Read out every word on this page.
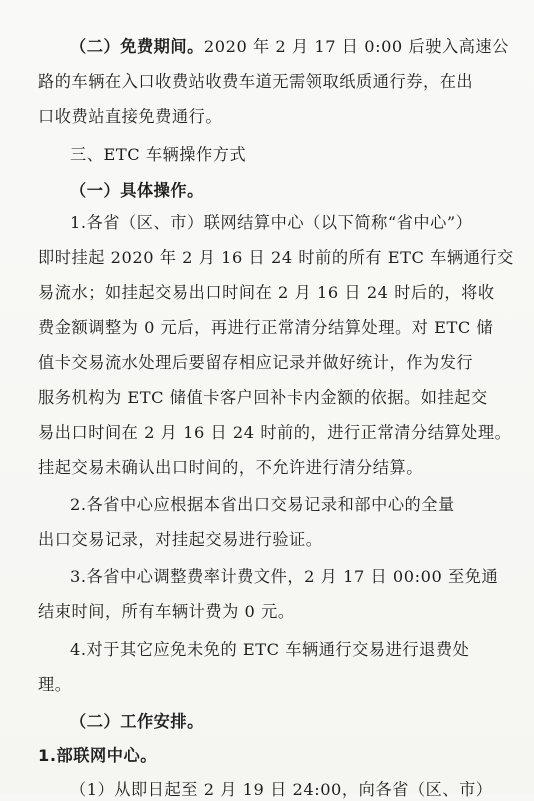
（二）免费期间。2020 年 2 月 17 日 0:00 后驶入高速公
路的车辆在入口收费站收费车道无需领取纸质通行券，在出
口收费站直接免费通行。
三、ETC 车辆操作方式
（一）具体操作。
1.各省（区、市）联网结算中心（以下简称“省中心”）
即时挂起 2020 年 2 月 16 日 24 时前的所有 ETC 车辆通行交
易流水；如挂起交易出口时间在 2 月 16 日 24 时后的，将收
费金额调整为 0 元后，再进行正常清分结算处理。对 ETC 储
值卡交易流水处理后要留存相应记录并做好统计，作为发行
服务机构为 ETC 储值卡客户回补卡内金额的依据。如挂起交
易出口时间在 2 月 16 日 24 时前的，进行正常清分结算处理。
挂起交易未确认出口时间的，不允许进行清分结算。
2.各省中心应根据本省出口交易记录和部中心的全量
出口交易记录，对挂起交易进行验证。
3.各省中心调整费率计费文件，2 月 17 日 00:00 至免通
结束时间，所有车辆计费为 0 元。
4.对于其它应免未免的 ETC 车辆通行交易进行退费处
理。
（二）工作安排。
1.部联网中心。
（1）从即日起至 2 月 19 日 24:00，向各省（区、市）
